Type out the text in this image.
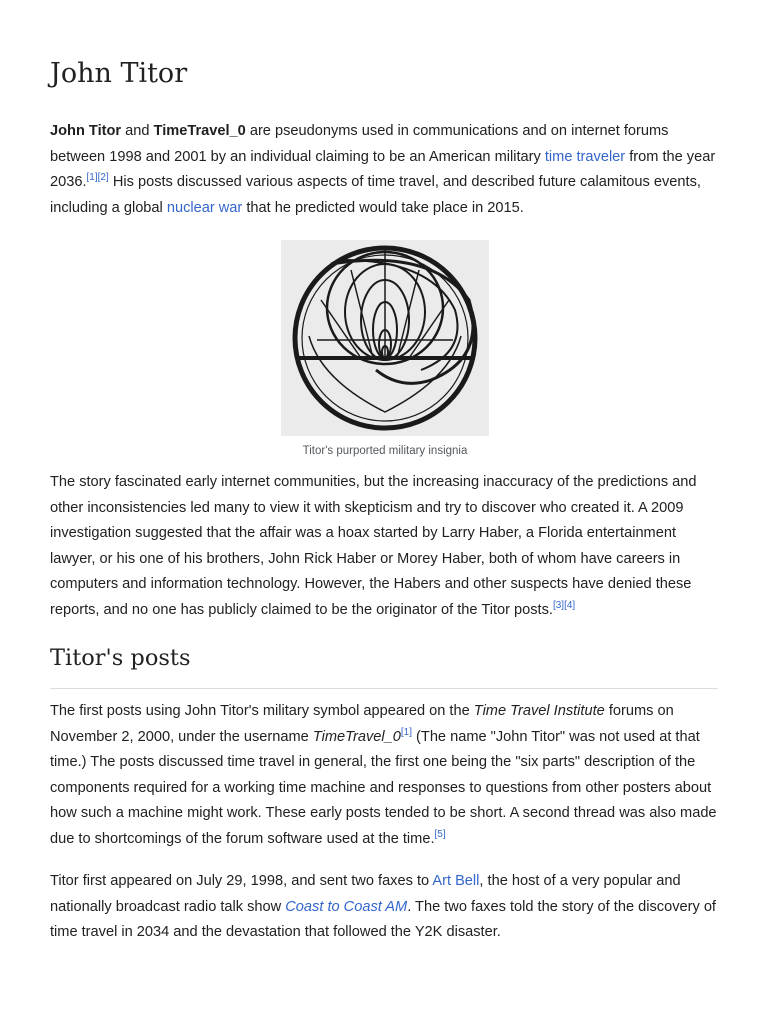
John Titor

John Titor and TimeTravel_0 are pseudonyms used in communications and on internet forums between 1998 and 2001 by an individual claiming to be an American military time traveler from the year 2036.[1][2] His posts discussed various aspects of time travel, and described future calamitous events, including a global nuclear war that he predicted would take place in 2015.

Titor's purported military insignia

The story fascinated early internet communities, but the increasing inaccuracy of the predictions and other inconsistencies led many to view it with skepticism and try to discover who created it. A 2009 investigation suggested that the affair was a hoax started by Larry Haber, a Florida entertainment lawyer, or his one of his brothers, John Rick Haber or Morey Haber, both of whom have careers in computers and information technology. However, the Habers and other suspects have denied these reports, and no one has publicly claimed to be the originator of the Titor posts.[3][4]

Titor's posts

The first posts using John Titor's military symbol appeared on the Time Travel Institute forums on November 2, 2000, under the username TimeTravel_0[1] (The name "John Titor" was not used at that time.) The posts discussed time travel in general, the first one being the "six parts" description of the components required for a working time machine and responses to questions from other posters about how such a machine might work. These early posts tended to be short. A second thread was also made due to shortcomings of the forum software used at the time.[5]

Titor first appeared on July 29, 1998, and sent two faxes to Art Bell, the host of a very popular and nationally broadcast radio talk show Coast to Coast AM. The two faxes told the story of the discovery of time travel in 2034 and the devastation that followed the Y2K disaster.
